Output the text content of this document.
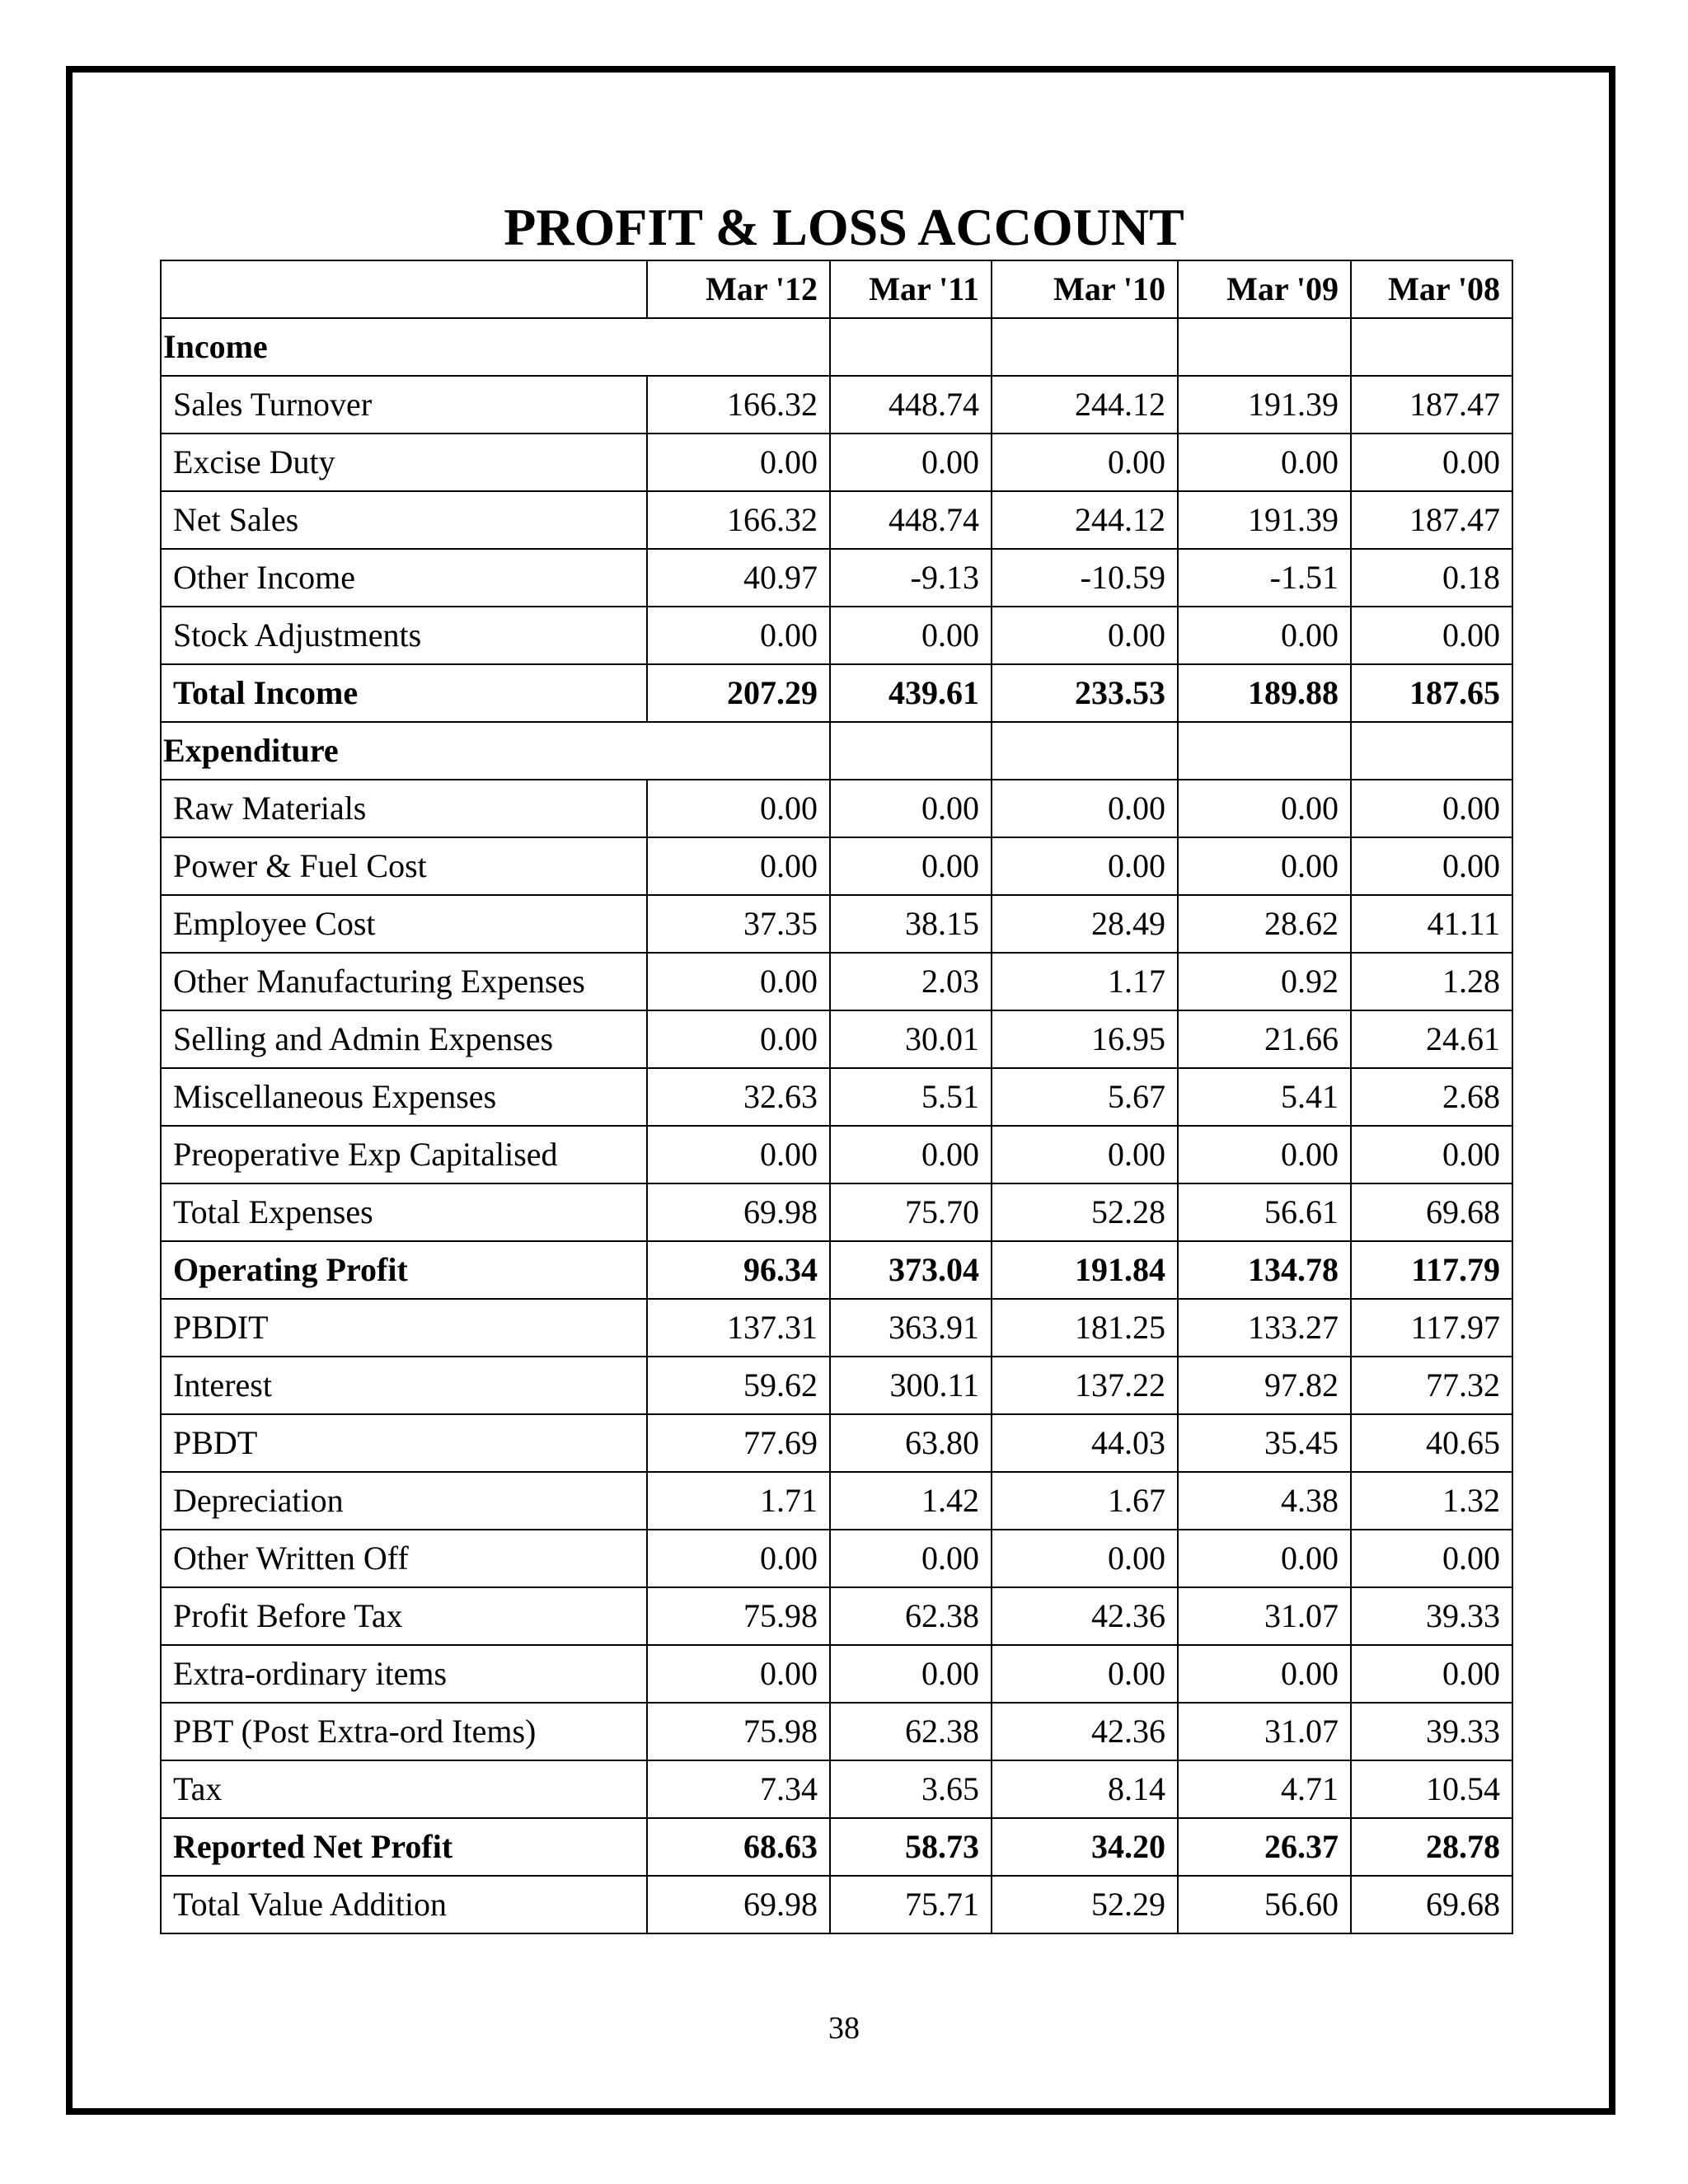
PROFIT & LOSS ACCOUNT
	Mar '12	Mar '11	Mar '10	Mar '09	Mar '08
Income					
Sales Turnover	166.32	448.74	244.12	191.39	187.47
Excise Duty	0.00	0.00	0.00	0.00	0.00
Net Sales	166.32	448.74	244.12	191.39	187.47
Other Income	40.97	-9.13	-10.59	-1.51	0.18
Stock Adjustments	0.00	0.00	0.00	0.00	0.00
Total Income	207.29	439.61	233.53	189.88	187.65
Expenditure					
Raw Materials	0.00	0.00	0.00	0.00	0.00
Power & Fuel Cost	0.00	0.00	0.00	0.00	0.00
Employee Cost	37.35	38.15	28.49	28.62	41.11
Other Manufacturing Expenses	0.00	2.03	1.17	0.92	1.28
Selling and Admin Expenses	0.00	30.01	16.95	21.66	24.61
Miscellaneous Expenses	32.63	5.51	5.67	5.41	2.68
Preoperative Exp Capitalised	0.00	0.00	0.00	0.00	0.00
Total Expenses	69.98	75.70	52.28	56.61	69.68
Operating Profit	96.34	373.04	191.84	134.78	117.79
PBDIT	137.31	363.91	181.25	133.27	117.97
Interest	59.62	300.11	137.22	97.82	77.32
PBDT	77.69	63.80	44.03	35.45	40.65
Depreciation	1.71	1.42	1.67	4.38	1.32
Other Written Off	0.00	0.00	0.00	0.00	0.00
Profit Before Tax	75.98	62.38	42.36	31.07	39.33
Extra-ordinary items	0.00	0.00	0.00	0.00	0.00
PBT (Post Extra-ord Items)	75.98	62.38	42.36	31.07	39.33
Tax	7.34	3.65	8.14	4.71	10.54
Reported Net Profit	68.63	58.73	34.20	26.37	28.78
Total Value Addition	69.98	75.71	52.29	56.60	69.68
38
